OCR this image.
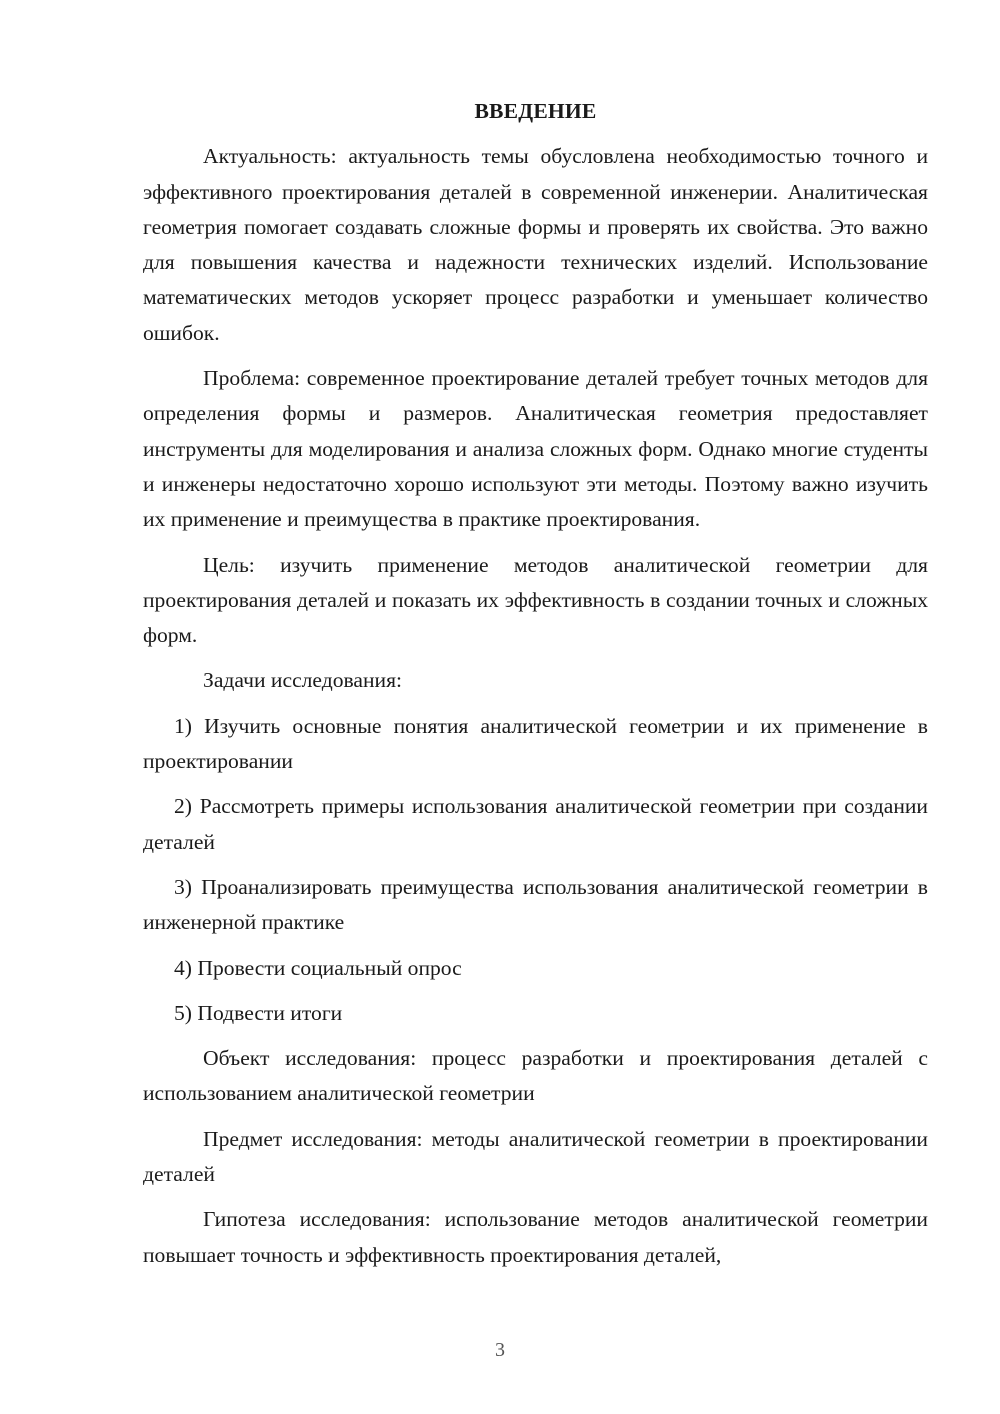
ВВЕДЕНИЕ

Актуальность: актуальность темы обусловлена необходимостью точного и эффективного проектирования деталей в современной инженерии. Аналитическая геометрия помогает создавать сложные формы и проверять их свойства. Это важно для повышения качества и надежности технических изделий. Использование математических методов ускоряет процесс разработки и уменьшает количество ошибок.

Проблема: современное проектирование деталей требует точных методов для определения формы и размеров. Аналитическая геометрия предоставляет инструменты для моделирования и анализа сложных форм. Однако многие студенты и инженеры недостаточно хорошо используют эти методы. Поэтому важно изучить их применение и преимущества в практике проектирования.

Цель: изучить применение методов аналитической геометрии для проектирования деталей и показать их эффективность в создании точных и сложных форм.

Задачи исследования:

1) Изучить основные понятия аналитической геометрии и их применение в проектировании

2) Рассмотреть примеры использования аналитической геометрии при создании деталей

3) Проанализировать преимущества использования аналитической геометрии в инженерной практике

4) Провести социальный опрос

5) Подвести итоги

Объект исследования: процесс разработки и проектирования деталей с использованием аналитической геометрии

Предмет исследования: методы аналитической геометрии в проектировании деталей

Гипотеза исследования: использование методов аналитической геометрии повышает точность и эффективность проектирования деталей,

3
